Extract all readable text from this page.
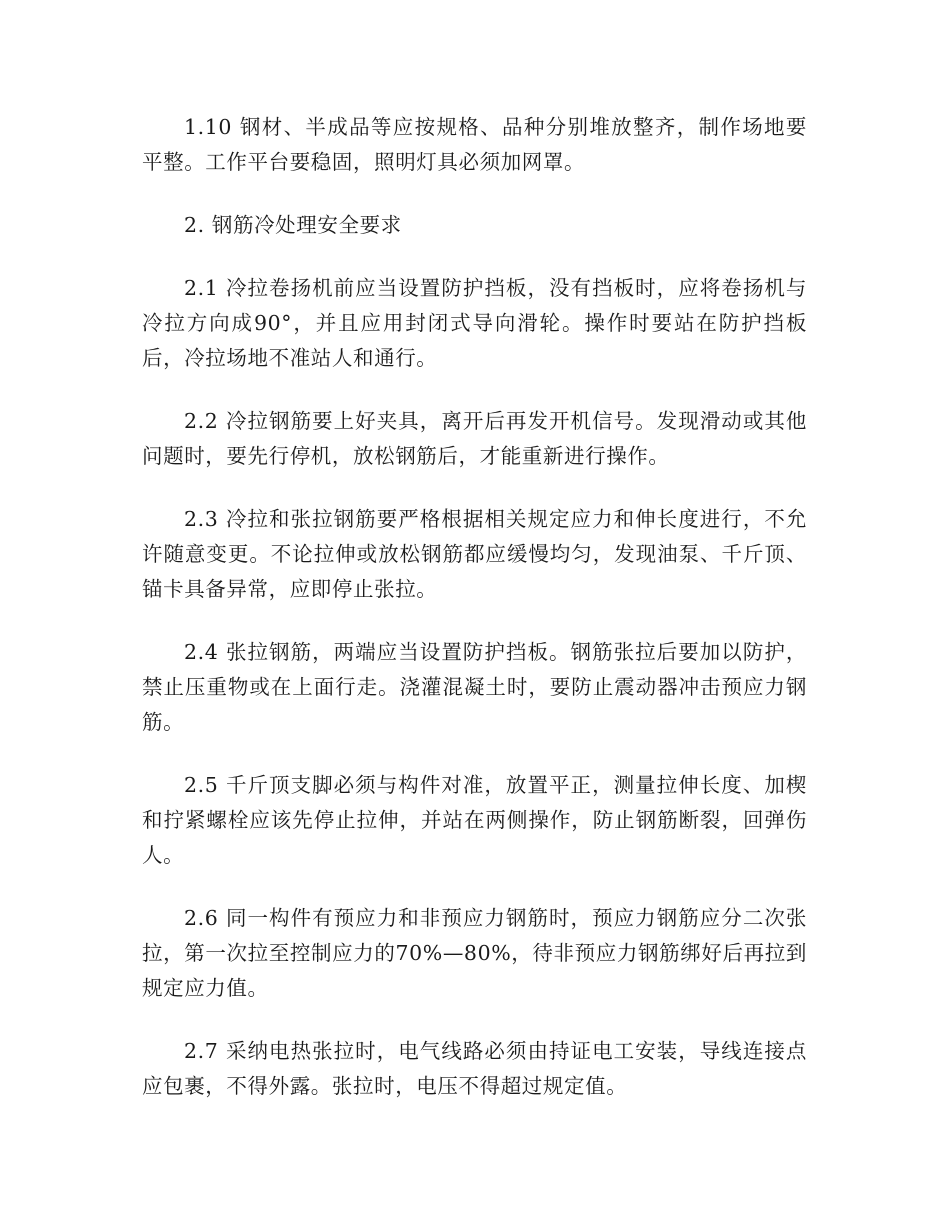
1.10 钢材、半成品等应按规格、品种分别堆放整齐，制作场地要平整。工作平台要稳固，照明灯具必须加网罩。

2. 钢筋冷处理安全要求

2.1 冷拉卷扬机前应当设置防护挡板，没有挡板时，应将卷扬机与冷拉方向成90°，并且应用封闭式导向滑轮。操作时要站在防护挡板后，冷拉场地不准站人和通行。

2.2 冷拉钢筋要上好夹具，离开后再发开机信号。发现滑动或其他问题时，要先行停机，放松钢筋后，才能重新进行操作。

2.3 冷拉和张拉钢筋要严格根据相关规定应力和伸长度进行，不允许随意变更。不论拉伸或放松钢筋都应缓慢均匀，发现油泵、千斤顶、锚卡具备异常，应即停止张拉。

2.4 张拉钢筋，两端应当设置防护挡板。钢筋张拉后要加以防护，禁止压重物或在上面行走。浇灌混凝土时，要防止震动器冲击预应力钢筋。

2.5 千斤顶支脚必须与构件对准，放置平正，测量拉伸长度、加楔和拧紧螺栓应该先停止拉伸，并站在两侧操作，防止钢筋断裂，回弹伤人。

2.6 同一构件有预应力和非预应力钢筋时，预应力钢筋应分二次张拉，第一次拉至控制应力的70%—80%，待非预应力钢筋绑好后再拉到规定应力值。

2.7 采纳电热张拉时，电气线路必须由持证电工安装，导线连接点应包裹，不得外露。张拉时，电压不得超过规定值。
